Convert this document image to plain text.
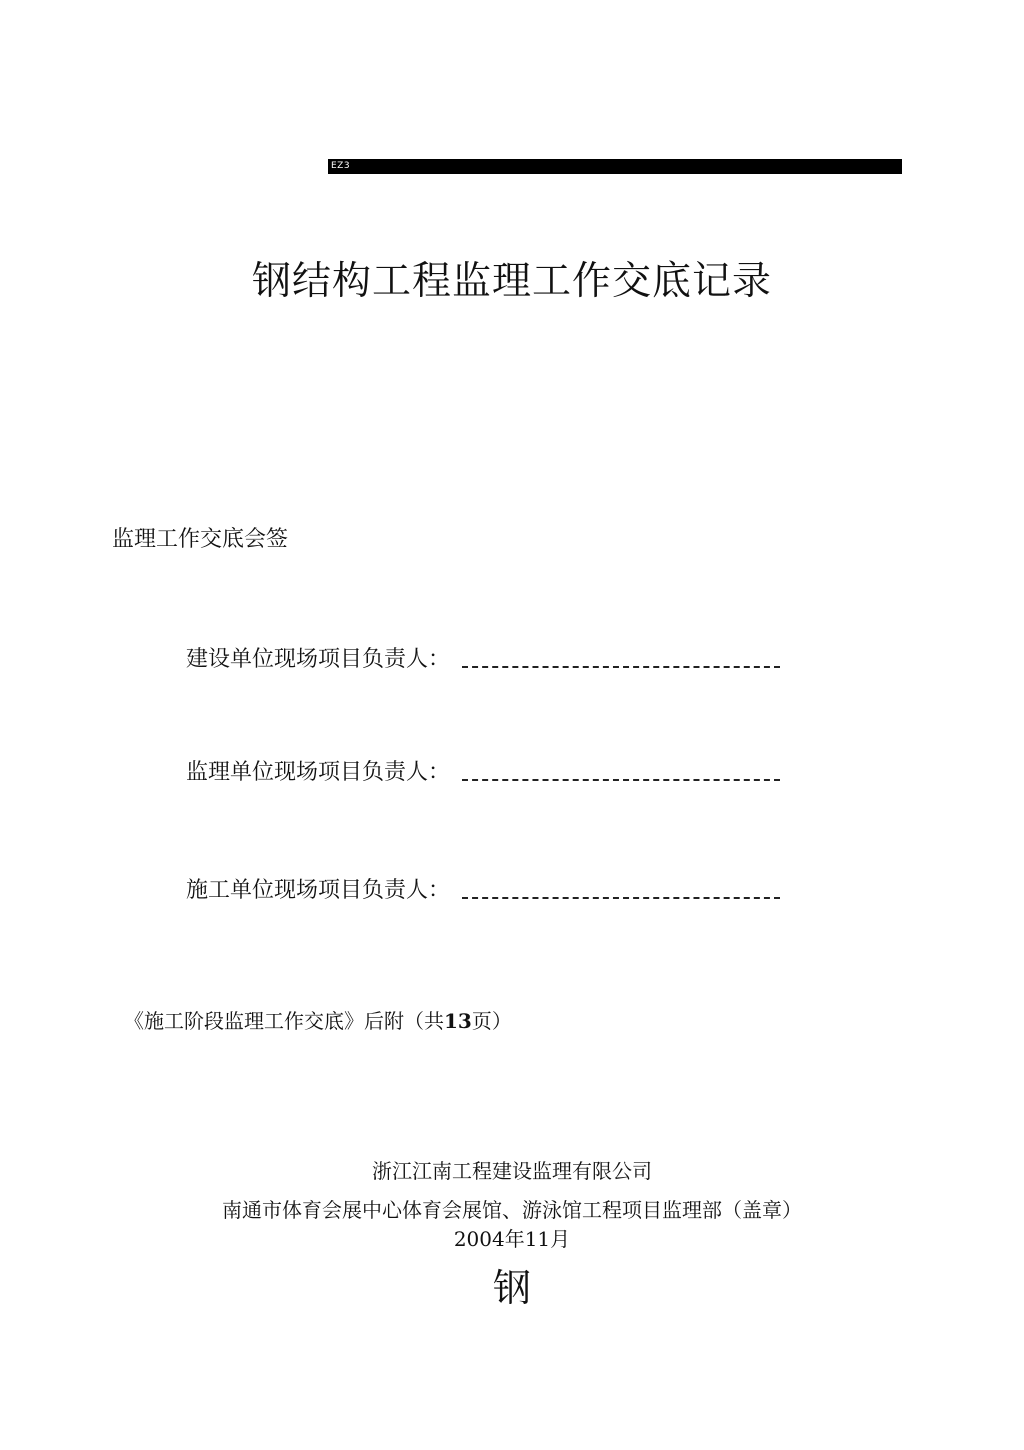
EZ3
钢结构工程监理工作交底记录
监理工作交底会签
建设单位现场项目负责人：
监理单位现场项目负责人：
施工单位现场项目负责人：
《施工阶段监理工作交底》后附（共13页）
浙江江南工程建设监理有限公司
南通市体育会展中心体育会展馆、游泳馆工程项目监理部（盖章）
2004年11月
钢
